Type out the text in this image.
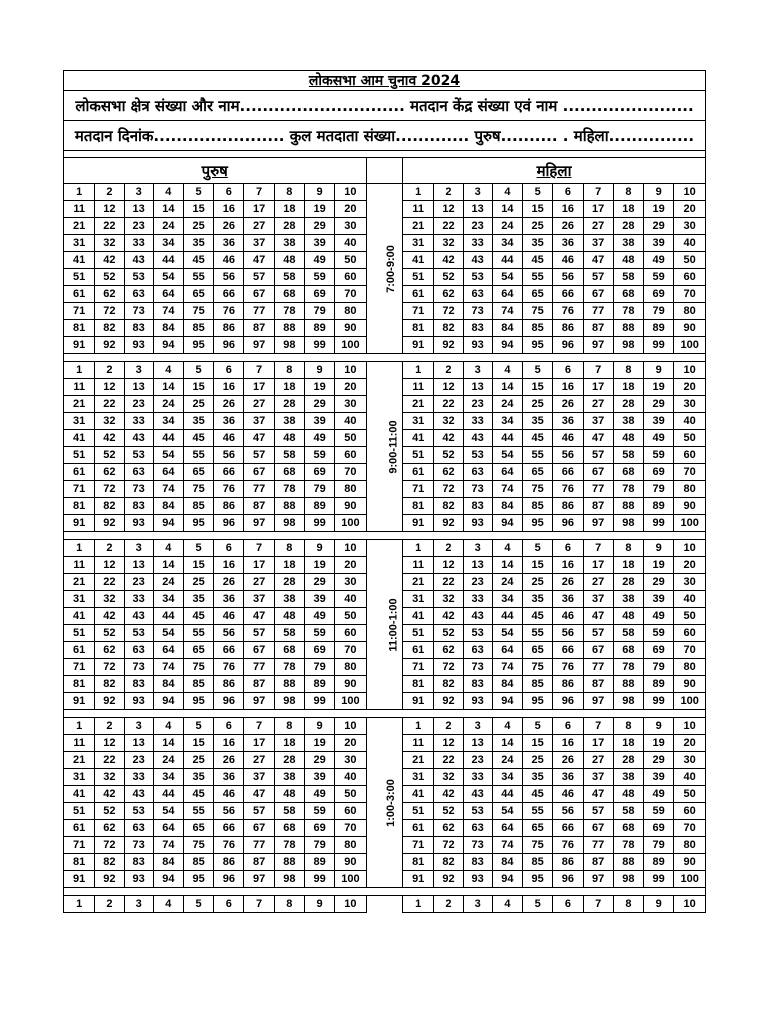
लोकसभा आम चुनाव 2024																				
लोकसभा क्षेत्र संख्या और नाम............................. मतदान केंद्र संख्या एवं नाम .......................																				
मतदान दिनांक....................... कुल मतदाता संख्या............. पुरुष.......... . महिला...............																				

पुरुष											महिला									
1	2	3	4	5	6	7	8	9	10	7:00-9:00	1	2	3	4	5	6	7	8	9	10
11	12	13	14	15	16	17	18	19	20		11	12	13	14	15	16	17	18	19	20
21	22	23	24	25	26	27	28	29	30		21	22	23	24	25	26	27	28	29	30
31	32	33	34	35	36	37	38	39	40		31	32	33	34	35	36	37	38	39	40
41	42	43	44	45	46	47	48	49	50		41	42	43	44	45	46	47	48	49	50
51	52	53	54	55	56	57	58	59	60		51	52	53	54	55	56	57	58	59	60
61	62	63	64	65	66	67	68	69	70		61	62	63	64	65	66	67	68	69	70
71	72	73	74	75	76	77	78	79	80		71	72	73	74	75	76	77	78	79	80
81	82	83	84	85	86	87	88	89	90		81	82	83	84	85	86	87	88	89	90
91	92	93	94	95	96	97	98	99	100		91	92	93	94	95	96	97	98	99	100

1	2	3	4	5	6	7	8	9	10	9:00-11:00	1	2	3	4	5	6	7	8	9	10
11	12	13	14	15	16	17	18	19	20		11	12	13	14	15	16	17	18	19	20
21	22	23	24	25	26	27	28	29	30		21	22	23	24	25	26	27	28	29	30
31	32	33	34	35	36	37	38	39	40		31	32	33	34	35	36	37	38	39	40
41	42	43	44	45	46	47	48	49	50		41	42	43	44	45	46	47	48	49	50
51	52	53	54	55	56	57	58	59	60		51	52	53	54	55	56	57	58	59	60
61	62	63	64	65	66	67	68	69	70		61	62	63	64	65	66	67	68	69	70
71	72	73	74	75	76	77	78	79	80		71	72	73	74	75	76	77	78	79	80
81	82	83	84	85	86	87	88	89	90		81	82	83	84	85	86	87	88	89	90
91	92	93	94	95	96	97	98	99	100		91	92	93	94	95	96	97	98	99	100

1	2	3	4	5	6	7	8	9	10	11:00-1:00	1	2	3	4	5	6	7	8	9	10
11	12	13	14	15	16	17	18	19	20		11	12	13	14	15	16	17	18	19	20
21	22	23	24	25	26	27	28	29	30		21	22	23	24	25	26	27	28	29	30
31	32	33	34	35	36	37	38	39	40		31	32	33	34	35	36	37	38	39	40
41	42	43	44	45	46	47	48	49	50		41	42	43	44	45	46	47	48	49	50
51	52	53	54	55	56	57	58	59	60		51	52	53	54	55	56	57	58	59	60
61	62	63	64	65	66	67	68	69	70		61	62	63	64	65	66	67	68	69	70
71	72	73	74	75	76	77	78	79	80		71	72	73	74	75	76	77	78	79	80
81	82	83	84	85	86	87	88	89	90		81	82	83	84	85	86	87	88	89	90
91	92	93	94	95	96	97	98	99	100		91	92	93	94	95	96	97	98	99	100

1	2	3	4	5	6	7	8	9	10	1:00-3:00	1	2	3	4	5	6	7	8	9	10
11	12	13	14	15	16	17	18	19	20		11	12	13	14	15	16	17	18	19	20
21	22	23	24	25	26	27	28	29	30		21	22	23	24	25	26	27	28	29	30
31	32	33	34	35	36	37	38	39	40		31	32	33	34	35	36	37	38	39	40
41	42	43	44	45	46	47	48	49	50		41	42	43	44	45	46	47	48	49	50
51	52	53	54	55	56	57	58	59	60		51	52	53	54	55	56	57	58	59	60
61	62	63	64	65	66	67	68	69	70		61	62	63	64	65	66	67	68	69	70
71	72	73	74	75	76	77	78	79	80		71	72	73	74	75	76	77	78	79	80
81	82	83	84	85	86	87	88	89	90		81	82	83	84	85	86	87	88	89	90
91	92	93	94	95	96	97	98	99	100		91	92	93	94	95	96	97	98	99	100

1	2	3	4	5	6	7	8	9	10		1	2	3	4	5	6	7	8	9	10
